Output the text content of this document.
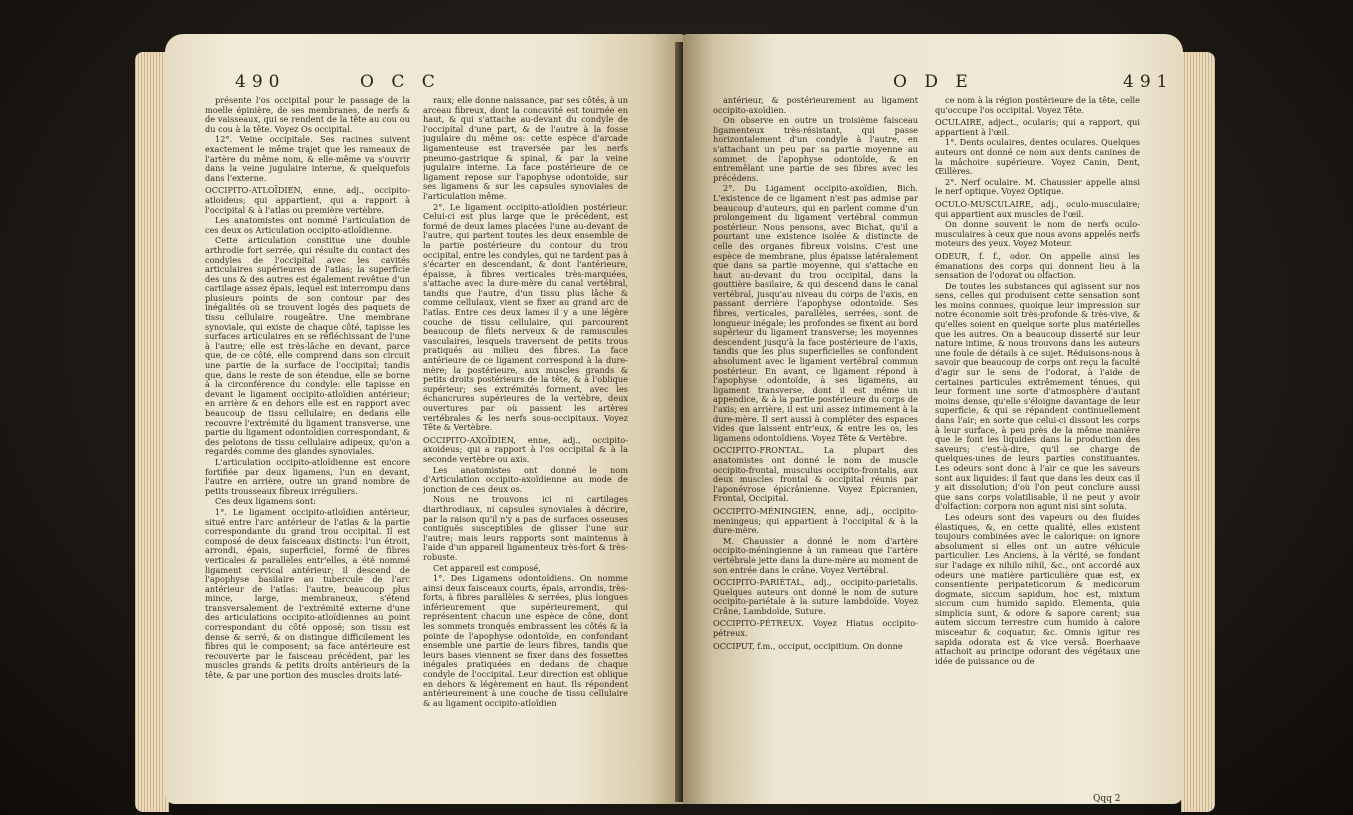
490	O C C

présente l'os occipital pour le passage de la moelle épinière, de ses membranes, de nerfs & de vaisseaux, qui se rendent de la tête au cou ou du cou à la tête. Voyez Os occipital.

12°. Veine occipitale. Ses racines suivent exactement le même trajet que les rameaux de l'artère du même nom, & elle-même va s'ouvrir dans la veine jugulaire interne, & quelquefois dans l'externe.

OCCIPITO-ATLOÏDIEN, enne, adj., occipito-atloideus; qui appartient, qui a rapport à l'occipital & à l'atlas ou première vertèbre.

Les anatomistes ont nommé l'articulation de ces deux os Articulation occipito-atloïdienne.

Cette articulation constitue une double arthrodie fort serrée, qui résulte du contact des condyles de l'occipital avec les cavités articulaires supérieures de l'atlas; la superficie des uns & des autres est également revêtue d'un cartilage assez épais, lequel est interrompu dans plusieurs points de son contour par des inégalités où se trouvent logés des paquets de tissu cellulaire rougeâtre. Une membrane synoviale, qui existe de chaque côté, tapisse les surfaces articulaires en se réfléchissant de l'une à l'autre; elle est très-lâche en devant, parce que, de ce côté, elle comprend dans son circuit une partie de la surface de l'occipital; tandis que, dans le reste de son étendue, elle se borne à la circonférence du condyle: elle tapisse en devant le ligament occipito-atloïdien antérieur; en arrière & en dehors elle est en rapport avec beaucoup de tissu cellulaire; en dedans elle recouvre l'extrémité du ligament transverse, une partie du ligament odontoïdien correspondant, & des pelotons de tissu cellulaire adipeux, qu'on a regardés comme des glandes synoviales.

L'articulation occipito-atloïdienne est encore fortifiée par deux ligamens, l'un en devant, l'autre en arrière, outre un grand nombre de petits trousseaux fibreux irréguliers.

Ces deux ligamens sont:

1°. Le ligament occipito-atloïdien antérieur, situé entre l'arc antérieur de l'atlas & la partie correspondante du grand trou occipital. Il est composé de deux faisceaux distincts: l'un étroit, arrondi, épais, superficiel, formé de fibres verticales & parallèles entr'elles, a été nommé ligament cervical antérieur; il descend de l'apophyse basilaire au tubercule de l'arc antérieur de l'atlas: l'autre, beaucoup plus mince, large, membraneux, s'étend transversalement de l'extrémité externe d'une des articulations occipito-atloïdiennes au point correspondant du côté opposé; son tissu est dense & serré, & on distingue difficilement les fibres qui le composent; sa face antérieure est recouverte par le faisceau précédent, par les muscles grands & petits droits antérieurs de la tête, & par une portion des muscles droits laté-

raux; elle donne naissance, par ses côtés, à un arceau fibreux, dont la concavité est tournée en haut, & qui s'attache au-devant du condyle de l'occipital d'une part, & de l'autre à la fosse jugulaire du même os: cette espèce d'arcade ligamenteuse est traversée par les nerfs pneumo-gastrique & spinal, & par la veine jugulaire interne. La face postérieure de ce ligament repose sur l'apophyse odontoïde, sur ses ligamens & sur les capsules synoviales de l'articulation même.

2°. Le ligament occipito-atloïdien postérieur. Celui-ci est plus large que le précédent, est formé de deux lames placées l'une au-devant de l'autre, qui partent toutes les deux ensemble de la partie postérieure du contour du trou occipital, entre les condyles, qui ne tardent pas à s'écarter en descendant, & dont l'antérieure, épaisse, à fibres verticales très-marquées, s'attache avec la dure-mère du canal vertébral, tandis que l'autre, d'un tissu plus lâche & comme cellulaux, vient se fixer au grand arc de l'atlas. Entre ces deux lames il y a une légère couche de tissu cellulaire, qui parcourent beaucoup de filets nerveux & de ramuscules vasculaires, lesquels traversent de petits trous pratiqués au milieu des fibres. La face antérieure de ce ligament correspond à la dure-mère; la postérieure, aux muscles grands & petits droits postérieurs de la tête, & à l'oblique supérieur; ses extrémités forment, avec les échancrures supérieures de la vertèbre, deux ouvertures par où passent les artères vertébrales & les nerfs sous-occipitaux. Voyez Tête & Vertèbre.

OCCIPITO-AXOÏDIEN, enne, adj., occipito-axoideus; qui a rapport à l'os occipital & à la seconde vertèbre ou axis.

Les anatomistes ont donné le nom d'Articulation occipito-axoïdienne au mode de jonction de ces deux os.

Nous ne trouvons ici ni cartilages diarthrodiaux, ni capsules synoviales à décrire, par la raison qu'il n'y a pas de surfaces osseuses contiguës susceptibles de glisser l'une sur l'autre; mais leurs rapports sont maintenus à l'aide d'un appareil ligamenteux très-fort & très-robuste.

Cet appareil est composé,

1°. Des Ligamens odontoïdiens. On nomme ainsi deux faisceaux courts, épais, arrondis, très-forts, à fibres parallèles & serrées, plus longues inférieurement que supérieurement, qui représentent chacun une espèce de cône, dont les sommets tronqués embrassent les côtés & la pointe de l'apophyse odontoïde, en confondant ensemble une partie de leurs fibres, tandis que leurs bases viennent se fixer dans des fossettes inégales pratiquées en dedans de chaque condyle de l'occipital. Leur direction est oblique en dehors & légèrement en haut. Ils répondent antérieurement à une couche de tissu cellulaire & au ligament occipito-atloïdien

O D E	491

antérieur, & postérieurement au ligament occipito-axoïdien.

On observe en outre un troisième faisceau ligamenteux très-résistant, qui passe horizontalement d'un condyle à l'autre, en s'attachant un peu par sa partie moyenne au sommet de l'apophyse odontoïde, & en entremêlant une partie de ses fibres avec les précédens.

2°. Du Ligament occipito-axoïdien, Bich. L'existence de ce ligament n'est pas admise par beaucoup d'auteurs, qui en parlent comme d'un prolongement du ligament vertébral commun postérieur. Nous pensons, avec Bichat, qu'il a pourtant une existence isolée & distincte de celle des organes fibreux voisins. C'est une espèce de membrane, plus épaisse latéralement que dans sa partie moyenne, qui s'attache en haut au-devant du trou occipital, dans la gouttière basilaire, & qui descend dans le canal vertébral, jusqu'au niveau du corps de l'axis, en passant derrière l'apophyse odontoïde. Ses fibres, verticales, parallèles, serrées, sont de longueur inégale; les profondes se fixent au bord supérieur du ligament transverse; les moyennes descendent jusqu'à la face postérieure de l'axis, tandis que les plus superficielles se confondent absolument avec le ligament vertébral commun postérieur. En avant, ce ligament répond à l'apophyse odontoïde, à ses ligamens, au ligament transverse, dont il est même un appendice, & à la partie postérieure du corps de l'axis; en arrière, il est uni assez intimement à la dure-mère. Il sert aussi à compléter des espaces vides que laissent entr'eux, & entre les os, les ligamens odontoïdiens. Voyez Tête & Vertèbre.

OCCIPITO-FRONTAL. La plupart des anatomistes ont donné le nom de muscle occipito-frontal, musculus occipito-frontalis, aux deux muscles frontal & occipital réunis par l'aponévrose épicrânienne. Voyez Épicranien, Frontal, Occipital.

OCCIPITO-MÉNINGIEN, enne, adj., occipito-meningeus; qui appartient à l'occipital & à la dure-mère.

M. Chaussier a donné le nom d'artère occipito-méningienne à un rameau que l'artère vertébrale jette dans la dure-mère au moment de son entrée dans le crâne. Voyez Vertébral.

OCCIPITO-PARIÉTAL, adj., occipito-parietalis. Quelques auteurs ont donné le nom de suture occipito-pariétale à la suture lambdoïde. Voyez Crâne, Lambdoïde, Suture.

OCCIPITO-PÉTREUX. Voyez Hiatus occipito-pétreux.

OCCIPUT, f.m., occiput, occipitium. On donne

ce nom à la région postérieure de la tête, celle qu'occupe l'os occipital. Voyez Tête.

OCULAIRE, adject., ocularis; qui a rapport, qui appartient à l'œil.

1°. Dents oculaires, dentes oculares. Quelques auteurs ont donné ce nom aux dents canines de la mâchoire supérieure. Voyez Canin, Dent, Œillères.

2°. Nerf oculaire. M. Chaussier appelle ainsi le nerf optique. Voyez Optique.

OCULO-MUSCULAIRE, adj., oculo-musculaire; qui appartient aux muscles de l'œil.

On donne souvent le nom de nerfs oculo-musculaires à ceux que nous avons appelés nerfs moteurs des yeux. Voyez Moteur.

ODEUR, f. f., odor. On appelle ainsi les émanations des corps qui donnent lieu à la sensation de l'odorat ou olfaction.

De toutes les substances qui agissent sur nos sens, celles qui produisent cette sensation sont les moins connues, quoique leur impression sur notre économie soit très-profonde & très-vive, & qu'elles soient en quelque sorte plus matérielles que les autres. On a beaucoup disserté sur leur nature intime, & nous trouvons dans les auteurs une foule de détails à ce sujet. Réduisons-nous à savoir que beaucoup de corps ont reçu la faculté d'agir sur le sens de l'odorat, à l'aide de certaines particules extrêmement ténues, qui leur forment une sorte d'atmosphère d'autant moins dense, qu'elle s'éloigne davantage de leur superficie, & qui se répandent continuellement dans l'air; en sorte que celui-ci dissout les corps à leur surface, à peu près de la même manière que le font les liquides dans la production des saveurs; c'est-à-dire, qu'il se charge de quelques-unes de leurs parties constituantes. Les odeurs sont donc à l'air ce que les saveurs sont aux liquides: il faut que dans les deux cas il y ait dissolution; d'où l'on peut conclure aussi que sans corps volatilisable, il ne peut y avoir d'olfaction: corpora non agunt nisi sint soluta.

Les odeurs sont des vapeurs ou des fluides élastiques, &, en cette qualité, elles existent toujours combinées avec le calorique: on ignore absolument si elles ont un autre véhicule particulier. Les Anciens, à la vérité, se fondant sur l'adage ex nihilo nihil, &c., ont accordé aux odeurs une matière particulière quæ est, ex consentiente peripateticorum & medicorum dogmate, siccum sapidum, hoc est, mixtum siccum cum humido sapido. Elementa, quia simplicia sunt, & odore & sapore carent; sua autem siccum terrestre cum humido à calore misceatur & coquatur, &c. Omnis igitur res sapida odorata est & vice versâ. Boerhaave attachoit au principe odorant des végétaux une idée de puissance ou de

Qqq 2
